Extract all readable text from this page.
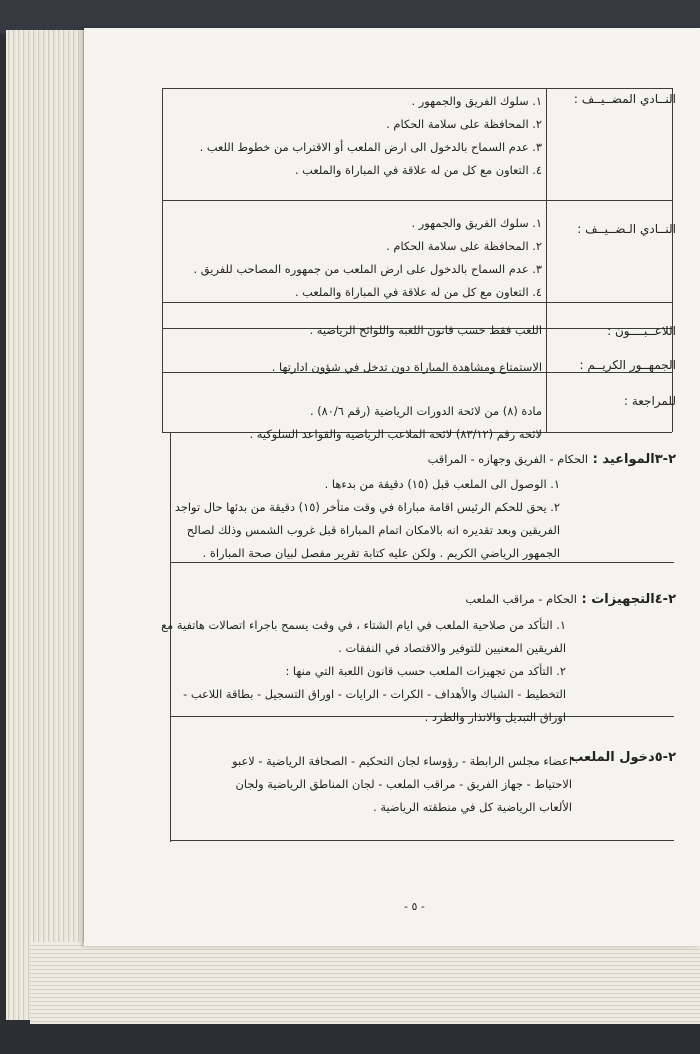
النــادي المضــيــف :
١. سلوك الفريق والجمهور .
٢. المحافظة على سلامة الحكام .
٣. عدم السماح بالدخول الى ارض الملعب أو الاقتراب من خطوط اللعب .
٤. التعاون مع كل من له علاقة في المباراة والملعب .
النــادي الـضــيــف :
١. سلوك الفريق والجمهور .
٢. المحافظة على سلامة الحكام .
٣. عدم السماح بالدخول على ارض الملعب من جمهوره المصاحب للفريق .
٤. التعاون مع كل من له علاقة في المباراة والملعب .
اللاعــبــــون :
اللعب فقط حسب قانون اللعبة واللوائح الرياضية .
الجمهــور الكريــم :
الاستمتاع ومشاهدة المباراة دون تدخل في شؤون ادارتها .
للمراجعة :
مادة (٨) من لائحة الدورات الرياضية (رقم ٨٠/٦) .
لائحة رقم (٨٣/١٢) لائحة الملاعب الرياضية والقواعد السلوكية .
٢-٣المواعيد : الحكام - الفريق وجهازه - المراقب
١. الوصول الى الملعب قبل (١٥) دقيقة من بدءها .
٢. يحق للحكم الرئيس اقامة مباراة في وقت متأخر (١٥) دقيقة من بدئها حال تواجد
الفريقين وبعد تقديره انه بالامكان اتمام المباراة قبل غروب الشمس وذلك لصالح
الجمهور الرياضي الكريم . ولكن عليه كتابة تقرير مفصل لبيان صحة المباراة .
٢-٤التجهيزات : الحكام - مراقب الملعب
١. التأكد من صلاحية الملعب في ايام الشتاء ، في وقت يسمح باجراء اتصالات هاتفية مع
الفريقين المعنيين للتوفير والاقتصاد في النفقات .
٢. التأكد من تجهيزات الملعب حسب قانون اللعبة التي منها :
التخطيط - الشباك والأهداف - الكرات - الرايات - اوراق التسجيل - بطاقة اللاعب -
اوراق التبديل والانذار والطرد .
٢-٥دخول الملعب
اعضاء مجلس الرابطة - رؤوساء لجان التحكيم - الصحافة الرياضية - لاعبو
الاحتياط - جهاز الفريق - مراقب الملعب - لجان المناطق الرياضية ولجان
الألعاب الرياضية كل في منطقته الرياضية .
- ٥ -
